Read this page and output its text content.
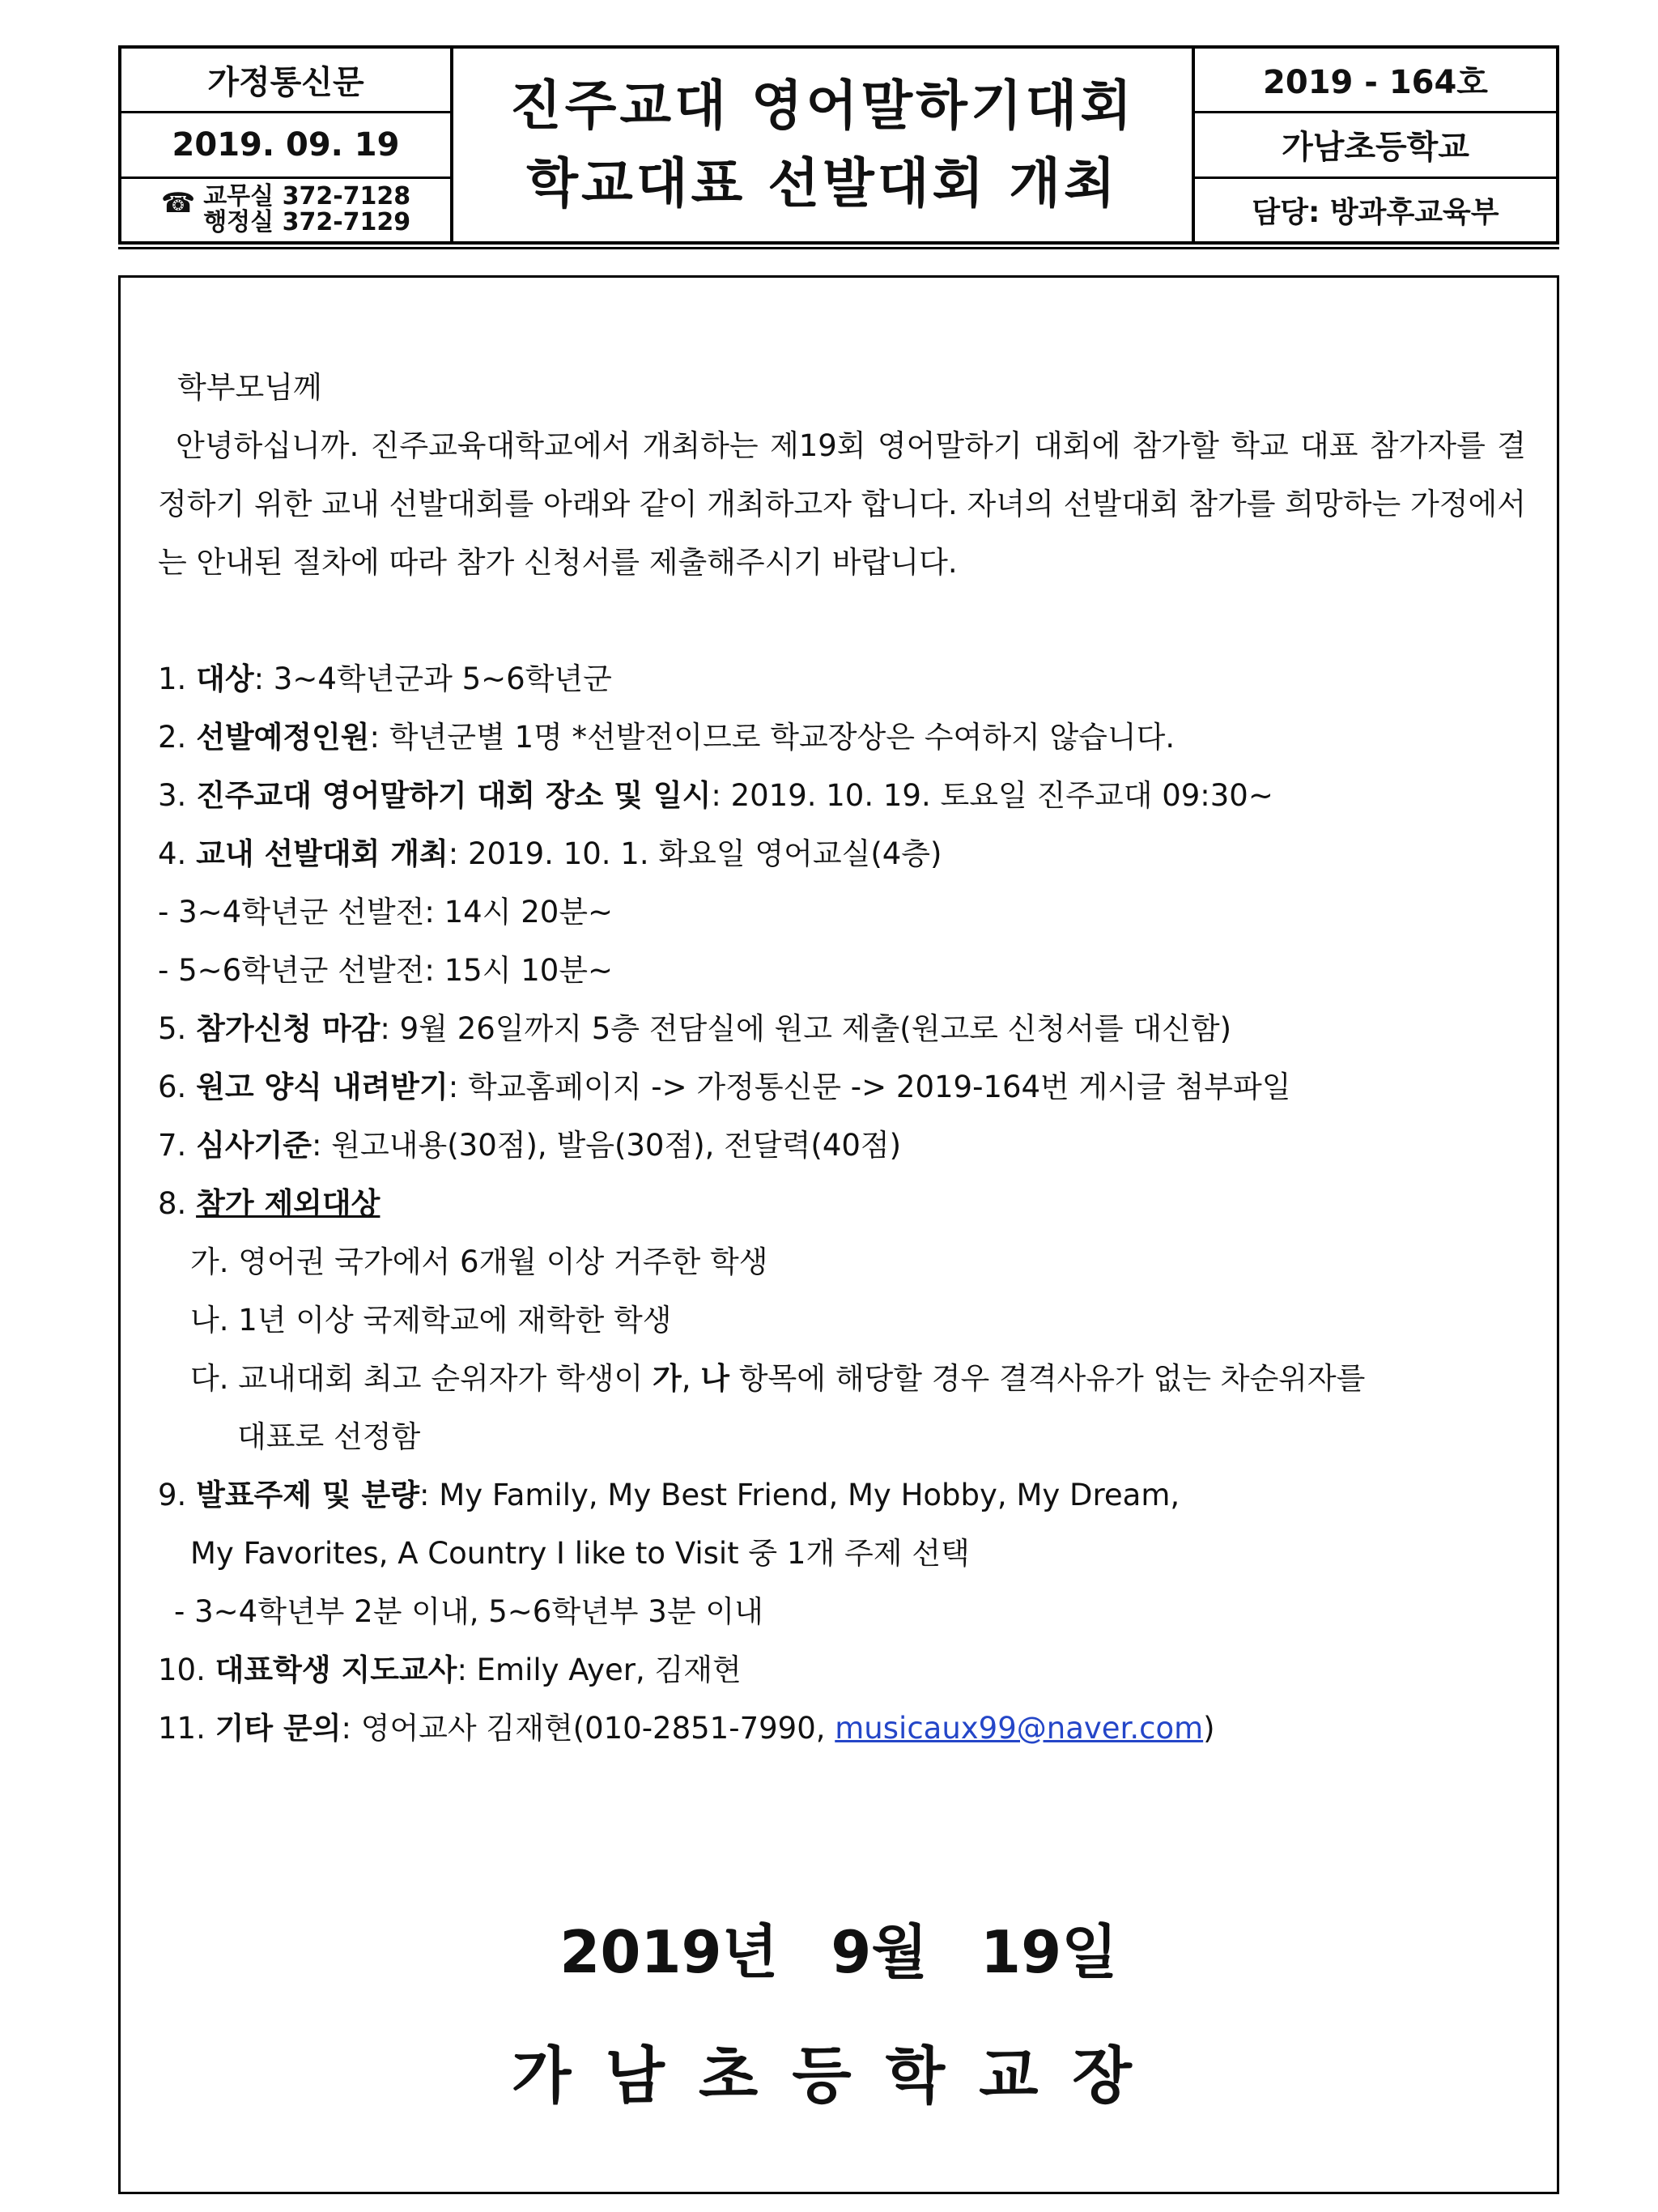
가정통신문
2019. 09. 19
☎ 교무실 372-7128
행정실 372-7129
진주교대 영어말하기대회
학교대표 선발대회 개최
2019 - 164호
가남초등학교
담당: 방과후교육부
학부모님께
안녕하십니까. 진주교육대학교에서 개최하는 제19회 영어말하기 대회에 참가할 학교 대표 참가자를 결정하기 위한 교내 선발대회를 아래와 같이 개최하고자 합니다. 자녀의 선발대회 참가를 희망하는 가정에서는 안내된 절차에 따라 참가 신청서를 제출해주시기 바랍니다.
1. 대상: 3~4학년군과 5~6학년군
2. 선발예정인원: 학년군별 1명 *선발전이므로 학교장상은 수여하지 않습니다.
3. 진주교대 영어말하기 대회 장소 및 일시: 2019. 10. 19. 토요일 진주교대 09:30~
4. 교내 선발대회 개최: 2019. 10. 1. 화요일 영어교실(4층)
- 3~4학년군 선발전: 14시 20분~
- 5~6학년군 선발전: 15시 10분~
5. 참가신청 마감: 9월 26일까지 5층 전담실에 원고 제출(원고로 신청서를 대신함)
6. 원고 양식 내려받기: 학교홈페이지 -> 가정통신문 -> 2019-164번 게시글 첨부파일
7. 심사기준: 원고내용(30점), 발음(30점), 전달력(40점)
8. 참가 제외대상
가. 영어권 국가에서 6개월 이상 거주한 학생
나. 1년 이상 국제학교에 재학한 학생
다. 교내대회 최고 순위자가 학생이 가, 나 항목에 해당할 경우 결격사유가 없는 차순위자를
대표로 선정함
9. 발표주제 및 분량: My Family, My Best Friend, My Hobby, My Dream,
My Favorites, A Country I like to Visit 중 1개 주제 선택
- 3~4학년부 2분 이내, 5~6학년부 3분 이내
10. 대표학생 지도교사: Emily Ayer, 김재현
11. 기타 문의: 영어교사 김재현(010-2851-7990, musicaux99@naver.com)
2019년 9월 19일
가남초등학교장
